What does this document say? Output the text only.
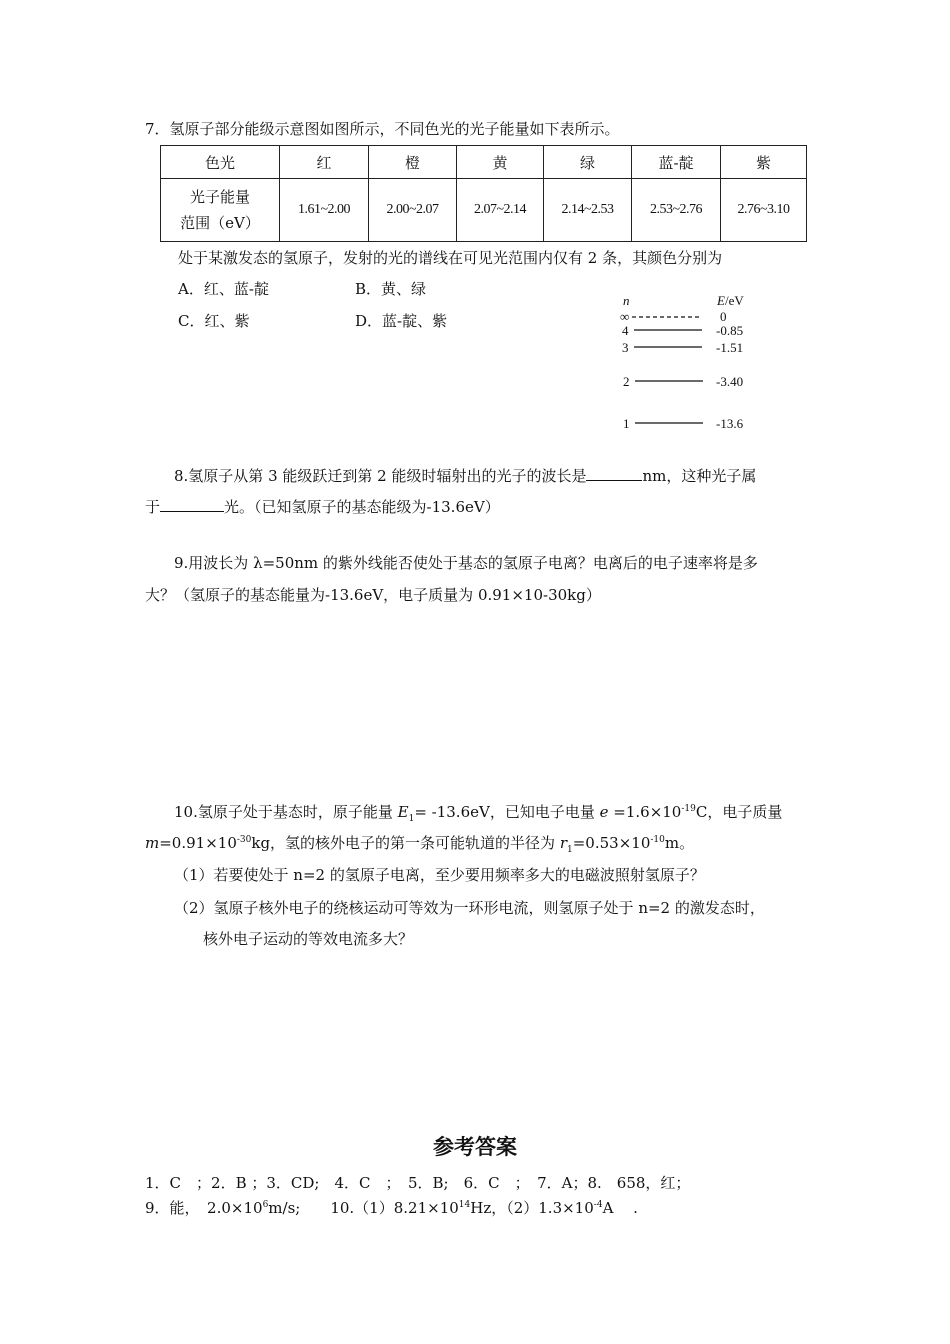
7．氢原子部分能级示意图如图所示，不同色光的光子能量如下表所示。
色光	红	橙	黄	绿	蓝-靛	紫

光子能量
范围（eV）	1.61~2.00	2.00~2.07	2.07~2.14	2.14~2.53	2.53~2.76	2.76~3.10
处于某激发态的氢原子，发射的光的谱线在可见光范围内仅有 2 条，其颜色分别为
A．红、蓝-靛	B．黄、绿
C．红、紫	D．蓝-靛、紫
n	E/eV
∞	0
4	-0.85
3	-1.51
2	-3.40
1	-13.6
8.氢原子从第 3 能级跃迁到第 2 能级时辐射出的光子的波长是	nm，这种光子属
于	光。（已知氢原子的基态能级为-13.6eV）
9.用波长为 λ=50nm 的紫外线能否使处于基态的氢原子电离？电离后的电子速率将是多
大？（氢原子的基态能量为-13.6eV，电子质量为 0.91×10-30kg）
10.氢原子处于基态时，原子能量 $E_1= -13.6eV$，已知电子电量 $e =1.6\times 10^{-19}C$，电子质量
$m=0.91\times 10^{-30}kg$，氢的核外电子的第一条可能轨道的半径为 $r_1=0.53\times 10^{-10}m$。
（1）若要使处于 n=2 的氢原子电离，至少要用频率多大的电磁波照射氢原子？
（2）氢原子核外电子的绕核运动可等效为一环形电流，则氢原子处于 n=2 的激发态时，
核外电子运动的等效电流多大？
参考答案
1．C　；2．B ；3．CD;　4．C　；　5．B;　6．C　；　7．A；8.　658，红；
9．能，　$2.0\times 10^6m/s$;　　$10.(1)8.21\times 10^{14}Hz$，$(2)1.3\times 10^{-4}A$　 .
